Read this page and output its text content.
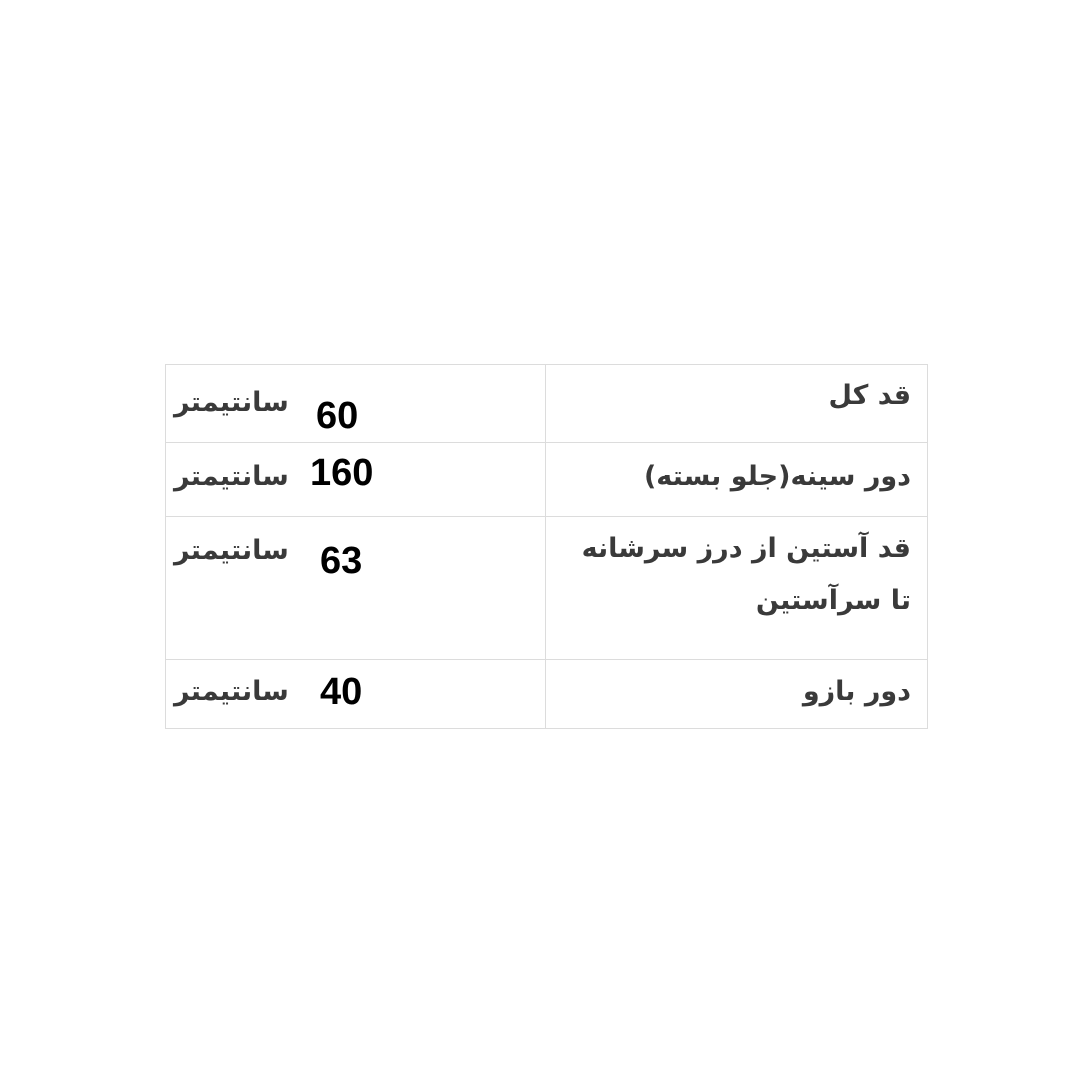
سانتیمتر 60	قد کل

سانتیمتر 160	دور سینه(جلو بسته)

سانتیمتر 63	قد آستین از درز سرشانه تا سرآستین

سانتیمتر 40	دور بازو
